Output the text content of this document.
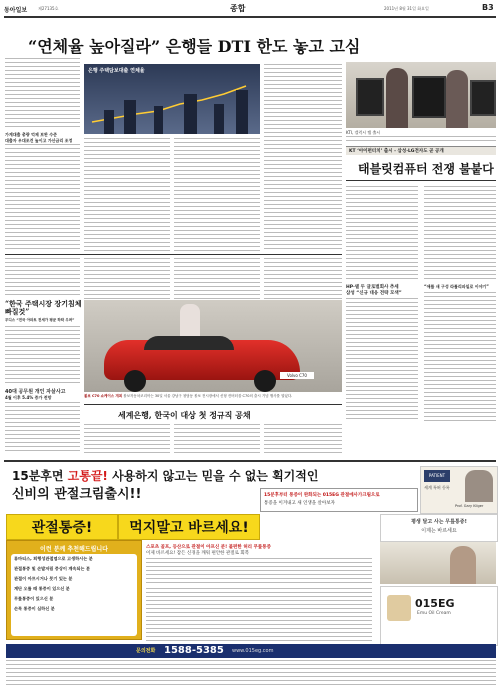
동아일보	제27135호	종합	2011년 8월 31일 화요일	B3
“연체율 높아질라” 은행들 DTI 한도 놓고 고심
가계대출 총량 억제 보완 수준
대출자 우대조건 높이고 가산금리 조정
은행 주택담보대출 연체율
KTI, 갤럭시 탭 출시
KT ‘아이펀터치’ 출시 - 삼성·LG전자도 곧 공개
태블릿컴퓨터 전쟁 불붙다
HP·델 두 글로벌회사 추세
삼성 “신규 대응 전략 모색”
“애플 새 구성 라틀리파일로 이야기”
“한국 주택시장 장기침체 빠질것”
무디스 “전국 아파트 전세가 평균 하락 우려”
40대 공무원 개인 자살사고
4월 이후 5.4% 증가 전망
Volvo C70
볼보 C70 쇼케이스 개최 볼보자동차코리아는 30일 서울 강남구 청담동 볼보 전시장에서 신형 컨버터블 C70의 출시 기념 행사를 열었다.
세계은행, 한국이 대상 첫 정규직 공채
15분후면 고통끝! 사용하지 않고는 믿을 수 없는 획기적인
신비의 관절크림출시!!	15분후부터 통증이 완화되는 015EG 관절에사가크림으로
통증을 이겨내고 새 인생을 살아보자
PATIENT
세계 특허 등록
Prof. Gary Kilger
관절통증!	먹지말고 바르세요!	평생 달고 사는 무릎통증!
이제는 바르세요
이런 분께 추천해드립니다
류마티스, 퇴행성관절염으로 고생하시는 분
관절통증 및 손발저림 증상이 계속되는 분
관절이 아프시거나 붓기 있는 분
계단 오를 때 통증이 있으신 분
무릎통증이 있으신 분
손목 통증이 심하신 분
스포츠 골프, 등산으로 관절이 아프신 분! 불편한 허리 무릎통증
이제 바르세요! 잠든 신경을 깨워 편안한 관절로 회복
015EG
Emu Oil Cream
문의전화 1588-5385 www.015eg.com
